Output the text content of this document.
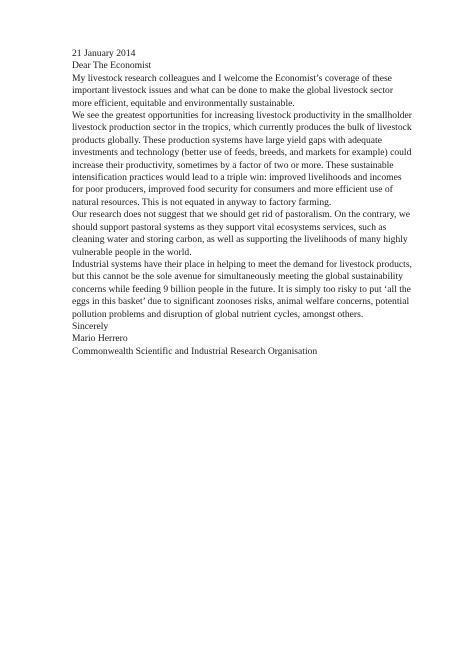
21 January 2014

Dear The Economist

My livestock research colleagues and I welcome the Economist’s coverage of these important livestock issues and what can be done to make the global livestock sector more efficient, equitable and environmentally sustainable.

We see the greatest opportunities for increasing livestock productivity in the smallholder livestock production sector in the tropics, which currently produces the bulk of livestock products globally. These production systems have large yield gaps with adequate investments and technology (better use of feeds, breeds, and markets for example) could increase their productivity, sometimes by a factor of two or more. These sustainable intensification practices would lead to a triple win: improved livelihoods and incomes for poor producers, improved food security for consumers and more efficient use of natural resources. This is not equated in anyway to factory farming.

Our research does not suggest that we should get rid of pastoralism. On the contrary, we should support pastoral systems as they support vital ecosystems services, such as cleaning water and storing carbon, as well as supporting the livelihoods of many highly vulnerable people in the world.

Industrial systems have their place in helping to meet the demand for livestock products, but this cannot be the sole avenue for simultaneously meeting the global sustainability concerns while feeding 9 billion people in the future. It is simply too risky to put ‘all the eggs in this basket’ due to significant zoonoses risks, animal welfare concerns, potential pollution problems and disruption of global nutrient cycles, amongst others.

Sincerely
Mario Herrero
Commonwealth Scientific and Industrial Research Organisation
